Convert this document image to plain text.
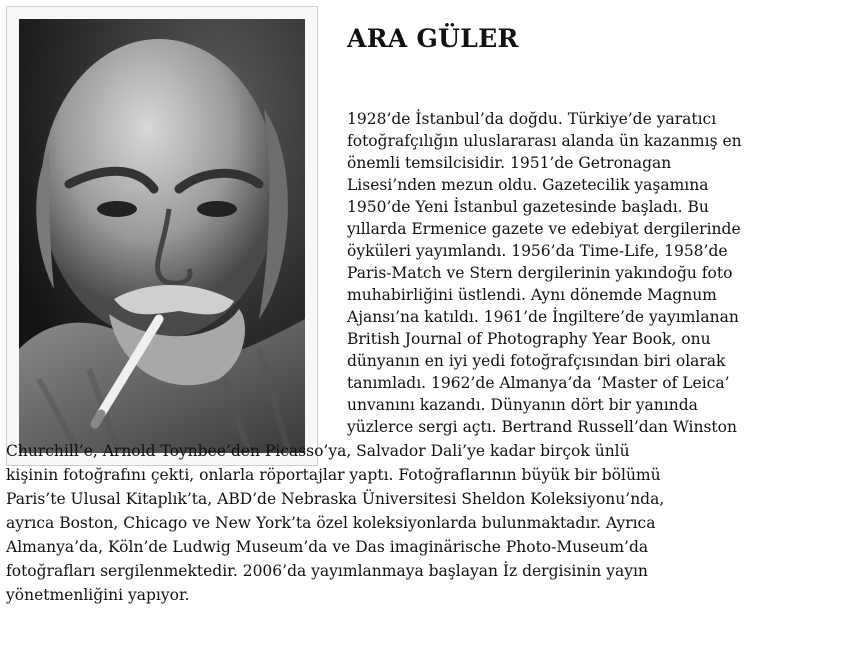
ARA GÜLER

1928’de İstanbul’da doğdu. Türkiye’de yaratıcı

fotoğrafçılığın uluslararası alanda ün kazanmış en

önemli temsilcisidir. 1951’de Getronagan

Lisesi’nden mezun oldu. Gazetecilik yaşamına

1950’de Yeni İstanbul gazetesinde başladı. Bu

yıllarda Ermenice gazete ve edebiyat dergilerinde

öyküleri yayımlandı. 1956’da Time-Life, 1958’de

Paris-Match ve Stern dergilerinin yakındoğu foto

muhabirliğini üstlendi. Aynı dönemde Magnum

Ajansı’na katıldı. 1961’de İngiltere’de yayımlanan

British Journal of Photography Year Book, onu

dünyanın en iyi yedi fotoğrafçısından biri olarak

tanımladı. 1962’de Almanya’da ‘Master of Leica’

unvanını kazandı. Dünyanın dört bir yanında

yüzlerce sergi açtı. Bertrand Russell’dan Winston

Churchill’e, Arnold Toynbee’den Picasso’ya, Salvador Dali’ye kadar birçok ünlü

kişinin fotoğrafını çekti, onlarla röportajlar yaptı. Fotoğraflarının büyük bir bölümü

Paris’te Ulusal Kitaplık’ta, ABD’de Nebraska Üniversitesi Sheldon Koleksiyonu’nda,

ayrıca Boston, Chicago ve New York’ta özel koleksiyonlarda bulunmaktadır. Ayrıca

Almanya’da, Köln’de Ludwig Museum’da ve Das imaginärische Photo-Museum’da

fotoğrafları sergilenmektedir. 2006’da yayımlanmaya başlayan İz dergisinin yayın

yönetmenliğini yapıyor.
